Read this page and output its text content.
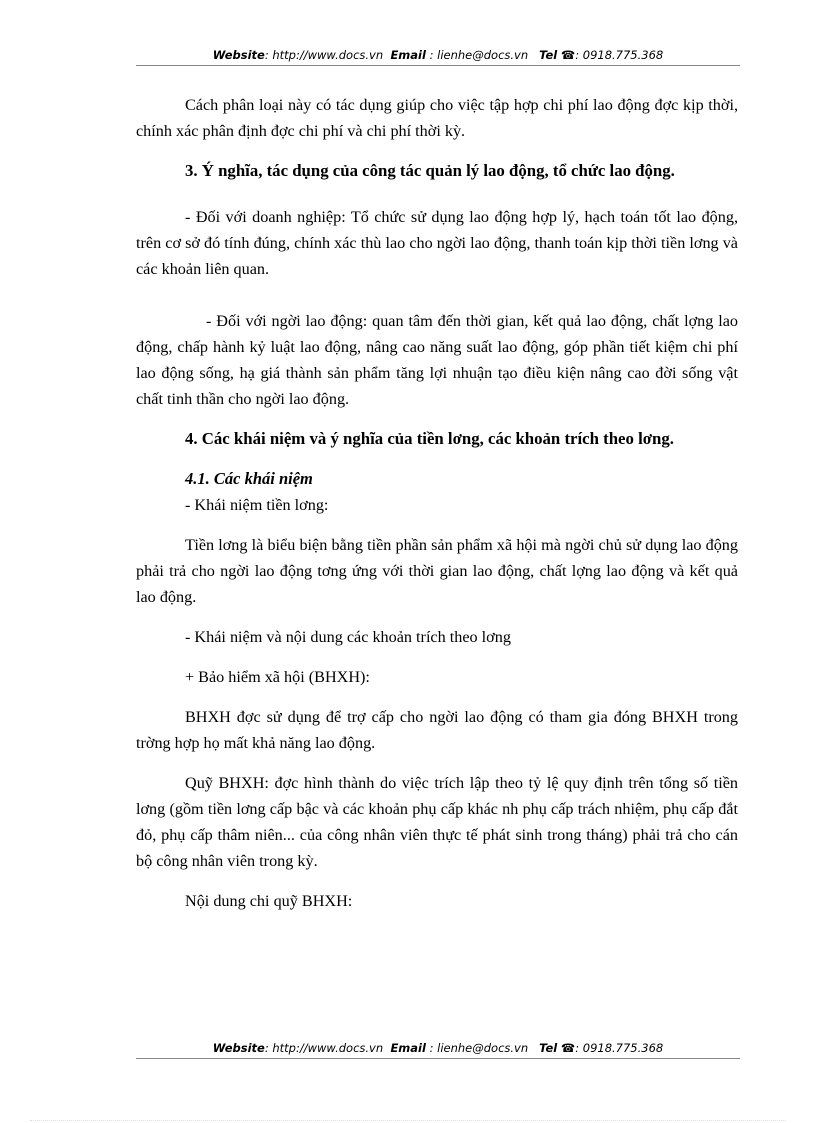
Website: http://www.docs.vn Email : lienhe@docs.vn Tel ☎: 0918.775.368

Cách phân loại này có tác dụng giúp cho việc tập hợp chi phí lao động đợc kịp thời, chính xác phân định đợc chi phí và chi phí thời kỳ.

3. Ý nghĩa, tác dụng của công tác quản lý lao động, tổ chức lao động.

- Đối với doanh nghiệp: Tổ chức sử dụng lao động hợp lý, hạch toán tốt lao động, trên cơ sở đó tính đúng, chính xác thù lao cho ngời lao động, thanh toán kịp thời tiền lơng và các khoản liên quan.

- Đối với ngời lao động: quan tâm đến thời gian, kết quả lao động, chất lợng lao động, chấp hành kỷ luật lao động, nâng cao năng suất lao động, góp phần tiết kiệm chi phí lao động sống, hạ giá thành sản phẩm tăng lợi nhuận tạo điều kiện nâng cao đời sống vật chất tinh thần cho ngời lao động.

4. Các khái niệm và ý nghĩa của tiền lơng, các khoản trích theo lơng.

4.1. Các khái niệm

- Khái niệm tiền lơng:

Tiền lơng là biểu biện bằng tiền phần sản phẩm xã hội mà ngời chủ sử dụng lao động phải trả cho ngời lao động tơng ứng với thời gian lao động, chất lợng lao động và kết quả lao động.

- Khái niệm và nội dung các khoản trích theo lơng

+ Bảo hiểm xã hội (BHXH):

BHXH đợc sử dụng để trợ cấp cho ngời lao động có tham gia đóng BHXH trong trờng hợp họ mất khả năng lao động.

Quỹ BHXH: đợc hình thành do việc trích lập theo tỷ lệ quy định trên tổng số tiền lơng (gồm tiền lơng cấp bậc và các khoản phụ cấp khác nh phụ cấp trách nhiệm, phụ cấp đắt đỏ, phụ cấp thâm niên... của công nhân viên thực tế phát sinh trong tháng) phải trả cho cán bộ công nhân viên trong kỳ.

Nội dung chi quỹ BHXH:

Website: http://www.docs.vn Email : lienhe@docs.vn Tel ☎: 0918.775.368
